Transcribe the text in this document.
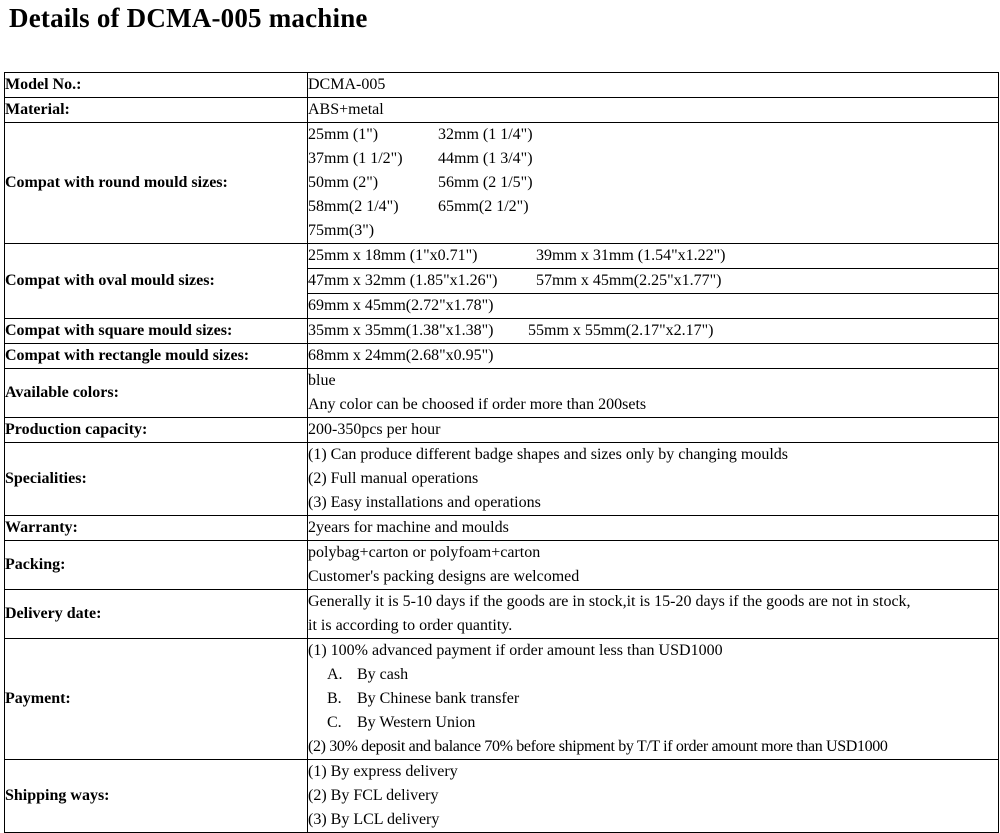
Details of DCMA-005 machine
Model No.:	DCMA-005
Material:	ABS+metal
Compat with round mould sizes:	25mm (1") 32mm (1 1/4")
37mm (1 1/2") 44mm (1 3/4")
50mm (2") 56mm (2 1/5")
58mm(2 1/4") 65mm(2 1/2")
75mm(3")

Compat with oval mould sizes:	25mm x 18mm (1"x0.71") 39mm x 31mm (1.54"x1.22")
	47mm x 32mm (1.85"x1.26") 57mm x 45mm(2.25"x1.77")
	69mm x 45mm(2.72"x1.78")
Compat with square mould sizes:	35mm x 35mm(1.38"x1.38") 55mm x 55mm(2.17"x2.17")
Compat with rectangle mould sizes:	68mm x 24mm(2.68"x0.95")
Available colors:	blue
Any color can be choosed if order more than 200sets

Production capacity:	200-350pcs per hour
Specialities:	(1) Can produce different badge shapes and sizes only by changing moulds
(2) Full manual operations
(3) Easy installations and operations

Warranty:	2years for machine and moulds
Packing:	polybag+carton or polyfoam+carton
Customer's packing designs are welcomed

Delivery date:	Generally it is 5-10 days if the goods are in stock,it is 15-20 days if the goods are not in stock,
it is according to order quantity.

Payment:	(1) 100% advanced payment if order amount less than USD1000
A. By cash
B. By Chinese bank transfer
C. By Western Union
(2) 30% deposit and balance 70% before shipment by T/T if order amount more than USD1000

Shipping ways:	(1) By express delivery
(2) By FCL delivery
(3) By LCL delivery
